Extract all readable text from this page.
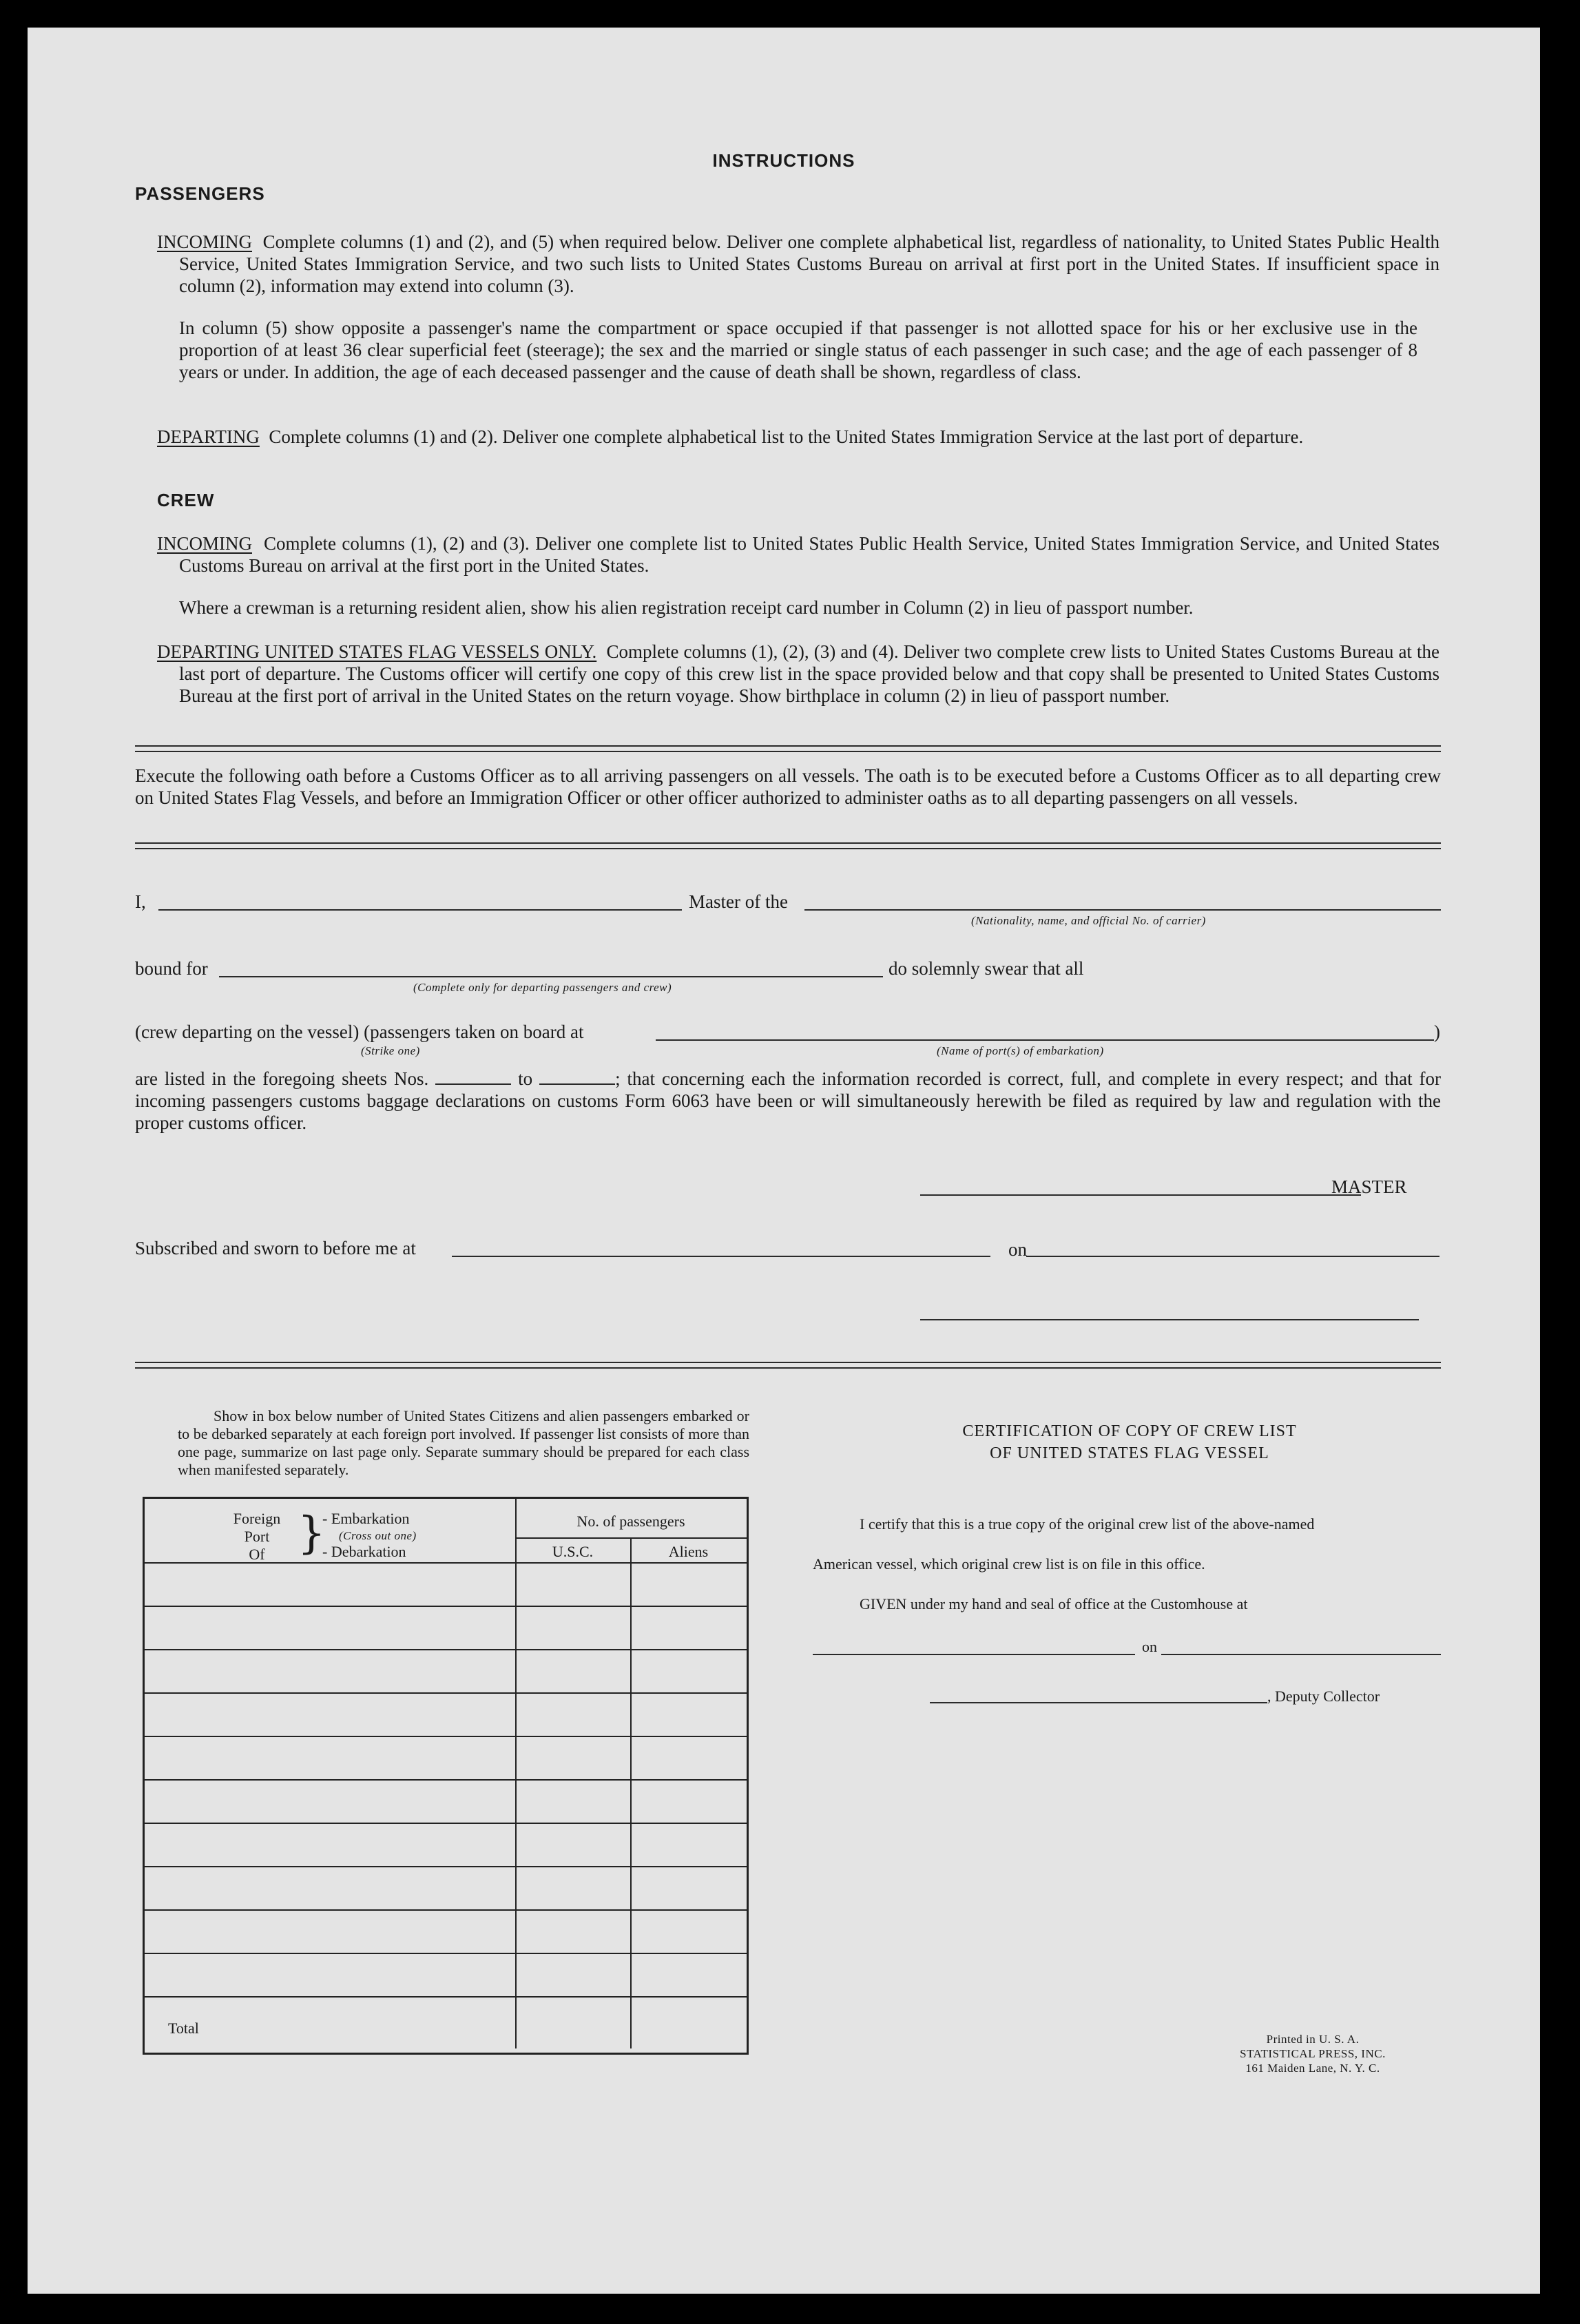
INSTRUCTIONS
PASSENGERS
INCOMING Complete columns (1) and (2), and (5) when required below. Deliver one complete alphabetical list, regardless of nationality, to United States Public Health Service, United States Immigration Service, and two such lists to United States Customs Bureau on arrival at first port in the United States. If insufficient space in column (2), information may extend into column (3).
In column (5) show opposite a passenger's name the compartment or space occupied if that passenger is not allotted space for his or her exclusive use in the proportion of at least 36 clear superficial feet (steerage); the sex and the married or single status of each passenger in such case; and the age of each passenger of 8 years or under. In addition, the age of each deceased passenger and the cause of death shall be shown, regardless of class.
DEPARTING Complete columns (1) and (2). Deliver one complete alphabetical list to the United States Immigration Service at the last port of departure.
CREW
INCOMING Complete columns (1), (2) and (3). Deliver one complete list to United States Public Health Service, United States Immigration Service, and United States Customs Bureau on arrival at the first port in the United States.
Where a crewman is a returning resident alien, show his alien registration receipt card number in Column (2) in lieu of passport number.
DEPARTING UNITED STATES FLAG VESSELS ONLY. Complete columns (1), (2), (3) and (4). Deliver two complete crew lists to United States Customs Bureau at the last port of departure. The Customs officer will certify one copy of this crew list in the space provided below and that copy shall be presented to United States Customs Bureau at the first port of arrival in the United States on the return voyage. Show birthplace in column (2) in lieu of passport number.
Execute the following oath before a Customs Officer as to all arriving passengers on all vessels. The oath is to be executed before a Customs Officer as to all departing crew on United States Flag Vessels, and before an Immigration Officer or other officer authorized to administer oaths as to all departing passengers on all vessels.
I,	Master of the
(Nationality, name, and official No. of carrier)
bound for
(Complete only for departing passengers and crew)
do solemnly swear that all
(crew departing on the vessel) (passengers taken on board at
(Strike one)
)
(Name of port(s) of embarkation)
are listed in the foregoing sheets Nos.	to	; that concerning each the information recorded is correct, full, and complete in every respect; and that for incoming passengers customs baggage declarations on customs Form 6063 have been or will simultaneously herewith be filed as required by law and regulation with the proper customs officer.
MASTER
Subscribed and sworn to before me at	on
Show in box below number of United States Citizens and alien passengers embarked or to be debarked separately at each foreign port involved. If passenger list consists of more than one page, summarize on last page only. Separate summary should be prepared for each class when manifested separately.
Foreign
Port
Of }
- Embarkation
(Cross out one)
- Debarkation
No. of passengers
U.S.C.	Aliens
Total
CERTIFICATION OF COPY OF CREW LIST
OF UNITED STATES FLAG VESSEL
I certify that this is a true copy of the original crew list of the above-named
American vessel, which original crew list is on file in this office.
GIVEN under my hand and seal of office at the Customhouse at
on
, Deputy Collector
Printed in U. S. A.
STATISTICAL PRESS, INC.
161 Maiden Lane, N. Y. C.
